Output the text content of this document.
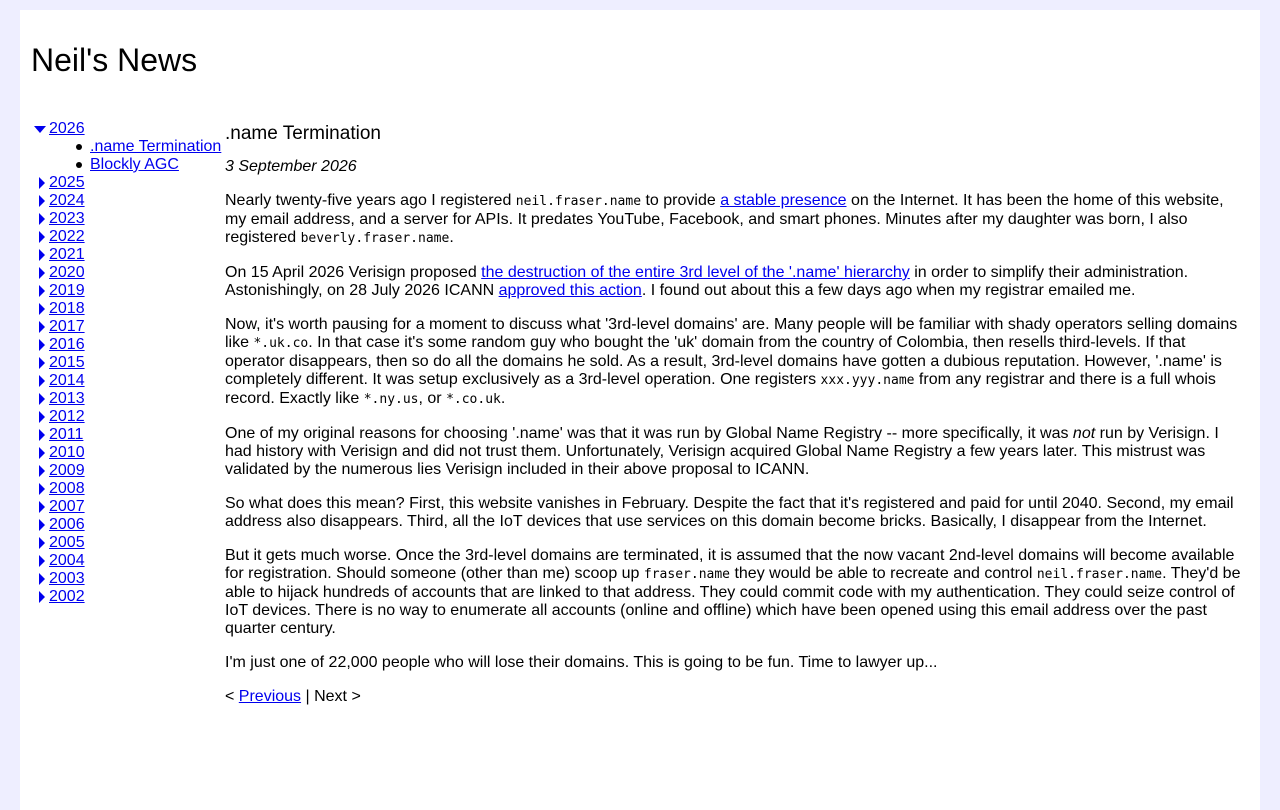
Neil's News
2026
.name Termination
Blockly AGC
2025
2024
2023
2022
2021
2020
2019
2018
2017
2016
2015
2014
2013
2012
2011
2010
2009
2008
2007
2006
2005
2004
2003
2002
.name Termination

3 September 2026

Nearly twenty-five years ago I registered neil.fraser.name to provide a stable presence on the Internet. It has been the home of this website, my email address, and a server for APIs. It predates YouTube, Facebook, and smart phones. Minutes after my daughter was born, I also registered beverly.fraser.name.

On 15 April 2026 Verisign proposed the destruction of the entire 3rd level of the '.name' hierarchy in order to simplify their administration. Astonishingly, on 28 July 2026 ICANN approved this action. I found out about this a few days ago when my registrar emailed me.

Now, it's worth pausing for a moment to discuss what '3rd-level domains' are. Many people will be familiar with shady operators selling domains like *.uk.co. In that case it's some random guy who bought the 'uk' domain from the country of Colombia, then resells third-levels. If that operator disappears, then so do all the domains he sold. As a result, 3rd-level domains have gotten a dubious reputation. However, '.name' is completely different. It was setup exclusively as a 3rd-level operation. One registers xxx.yyy.name from any registrar and there is a full whois record. Exactly like *.ny.us, or *.co.uk.

One of my original reasons for choosing '.name' was that it was run by Global Name Registry -- more specifically, it was not run by Verisign. I had history with Verisign and did not trust them. Unfortunately, Verisign acquired Global Name Registry a few years later. This mistrust was validated by the numerous lies Verisign included in their above proposal to ICANN.

So what does this mean? First, this website vanishes in February. Despite the fact that it's registered and paid for until 2040. Second, my email address also disappears. Third, all the IoT devices that use services on this domain become bricks. Basically, I disappear from the Internet.

But it gets much worse. Once the 3rd-level domains are terminated, it is assumed that the now vacant 2nd-level domains will become available for registration. Should someone (other than me) scoop up fraser.name they would be able to recreate and control neil.fraser.name. They'd be able to hijack hundreds of accounts that are linked to that address. They could commit code with my authentication. They could seize control of IoT devices. There is no way to enumerate all accounts (online and offline) which have been opened using this email address over the past quarter century.

I'm just one of 22,000 people who will lose their domains. This is going to be fun. Time to lawyer up...

< Previous | Next >
